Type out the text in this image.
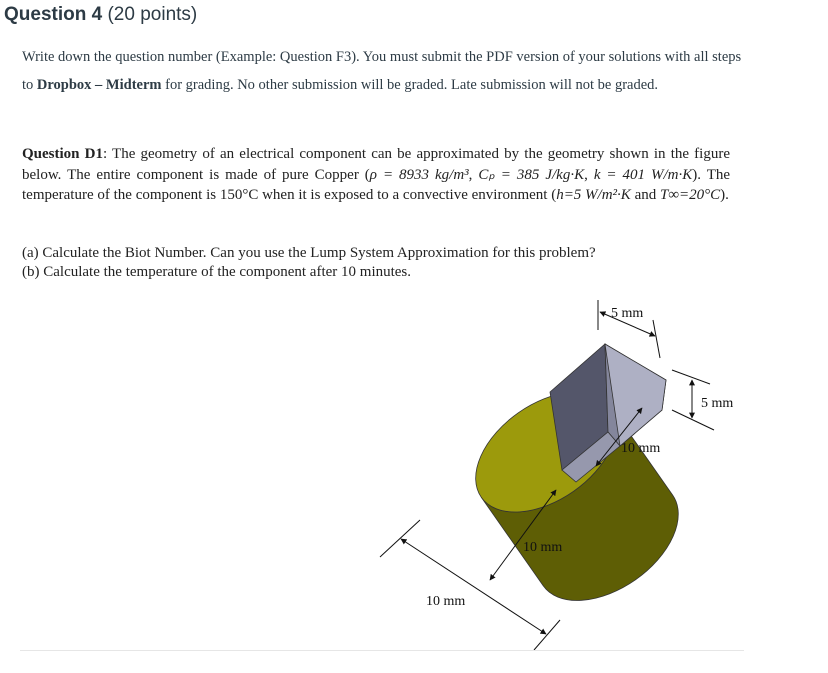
Question 4 (20 points)
Write down the question number (Example: Question F3). You must submit the PDF version of your solutions with all steps to Dropbox – Midterm for grading. No other submission will be graded. Late submission will not be graded.
Question D1: The geometry of an electrical component can be approximated by the geometry shown in the figure below. The entire component is made of pure Copper (ρ = 8933 kg/m³, Cₚ = 385 J/kg·K, k = 401 W/m·K). The temperature of the component is 150°C when it is exposed to a convective environment (h=5 W/m²·K and T∞=20°C).
(a) Calculate the Biot Number. Can you use the Lump System Approximation for this problem?
(b) Calculate the temperature of the component after 10 minutes.
5 mm
5 mm
10 mm
10 mm
10 mm
